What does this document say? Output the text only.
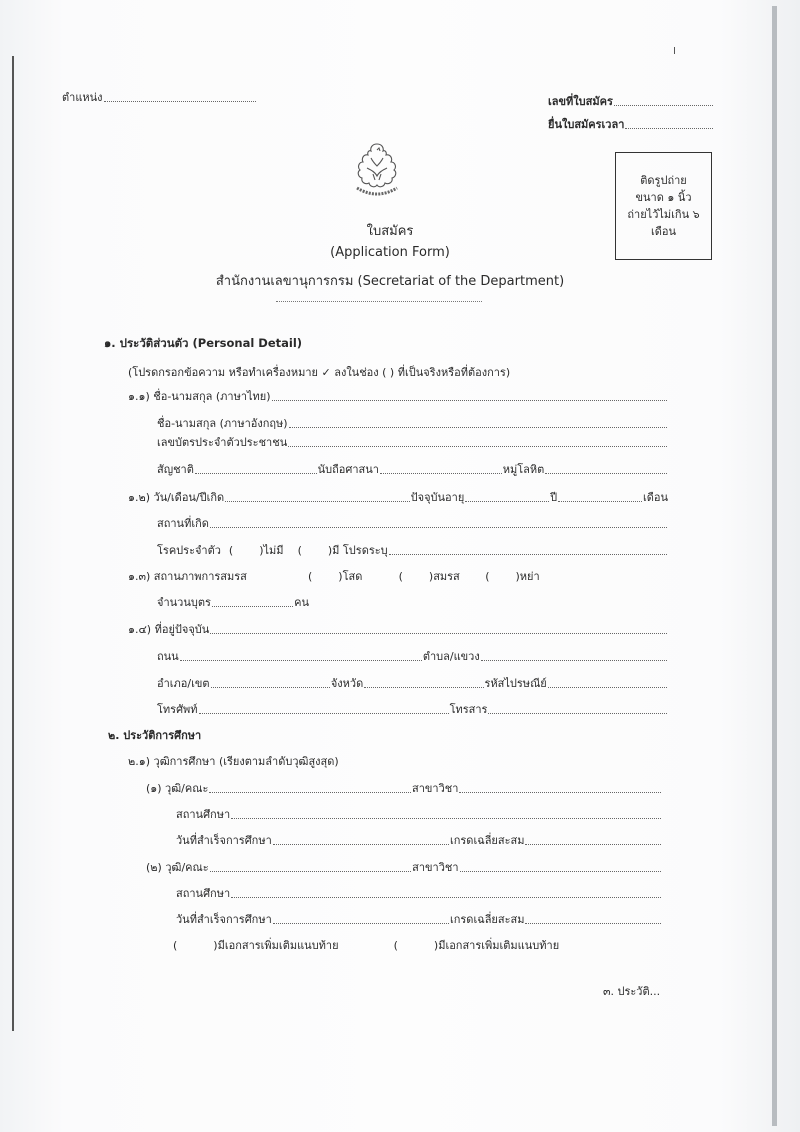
ตำแหน่ง	เลขที่ใบสมัคร
ยื่นใบสมัครเวลา
ติดรูปถ่าย
ขนาด ๑ นิ้ว
ถ่ายไว้ไม่เกิน ๖
เดือน
ใบสมัคร
(Application Form)
สำนักงานเลขานุการกรม (Secretariat of the Department)
๑. ประวัติส่วนตัว (Personal Detail)
(โปรดกรอกข้อความ หรือทำเครื่องหมาย ✓ ลงในช่อง ( ) ที่เป็นจริงหรือที่ต้องการ)
๑.๑) ชื่อ-นามสกุล (ภาษาไทย)
ชื่อ-นามสกุล (ภาษาอังกฤษ)
เลขบัตรประจำตัวประชาชน
สัญชาติ	นับถือศาสนา	หมู่โลหิต
๑.๒) วัน/เดือน/ปีเกิด	ปัจจุบันอายุ	ปี	เดือน
สถานที่เกิด
โรคประจำตัว ( ) ไม่มี ( ) มี โปรดระบุ
๑.๓) สถานภาพการสมรส	( ) โสด	( ) สมรส	( ) หย่า
จำนวนบุตร	คน
๑.๔) ที่อยู่ปัจจุบัน
ถนน	ตำบล/แขวง
อำเภอ/เขต	จังหวัด	รหัสไปรษณีย์
โทรศัพท์	โทรสาร
๒. ประวัติการศึกษา
๒.๑) วุฒิการศึกษา (เรียงตามลำดับวุฒิสูงสุด)
(๑) วุฒิ/คณะ	สาขาวิชา
สถานศึกษา
วันที่สำเร็จการศึกษา	เกรดเฉลี่ยสะสม
(๒) วุฒิ/คณะ	สาขาวิชา
สถานศึกษา
วันที่สำเร็จการศึกษา	เกรดเฉลี่ยสะสม
(	) มีเอกสารเพิ่มเติมแนบท้าย	(	) มีเอกสารเพิ่มเติมแนบท้าย
๓. ประวัติ...
